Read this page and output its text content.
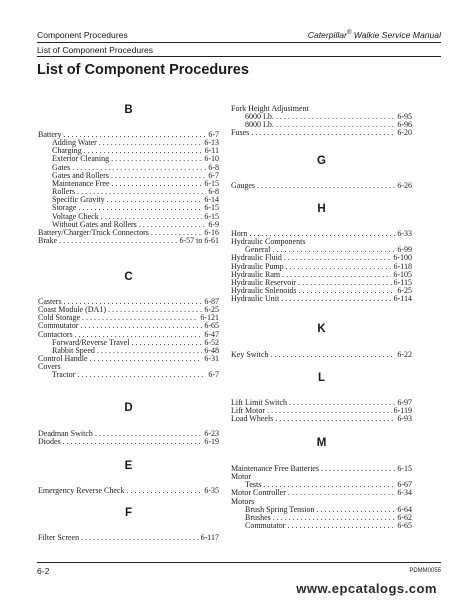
Component Procedures	Caterpillar® Walkie Service Manual
List of Component Procedures
List of Component Procedures
B
Battery . . .	6-7
Adding Water . . .	6-13
Charging . . .	6-11
Exterior Cleaning . . .	6-10
Gates . . .	6-8
Gates and Rollers . . .	6-7
Maintenance Free . . .	6-15
Rollers . . .	6-8
Specific Gravity . . .	6-14
Storage . . .	6-15
Voltage Check . . .	6-15
Without Gates and Rollers . . .	6-9
Battery/Charger/Truck Connectors . . .	6-16
Brake . . .	6-57 to 6-61
C
Casters . . .	6-87
Coast Module (DA1) . . .	6-25
Cold Storage . . .	6-121
Commutator . . .	6-65
Contactors . . .	6-47
Forward/Reverse Travel . . .	6-52
Rabbit Speed . . .	6-48
Control Handle . . .	6-31
Covers
Tractor . . .	6-7
D
Deadman Switch . . .	6-23
Diodes . . .	6-19
E
Emergency Reverse Check . . .	6-35
F
Filter Screen . . .	6-117
Fork Height Adjustment
6000 Lb. . . .	6-95
8000 Lb. . . .	6-96
Fuses . . .	6-20
G
Gauges . . .	6-26
H
Horn . . .	6-33
Hydraulic Components
General . . .	6-99
Hydraulic Fluid . . .	6-100
Hydraulic Pump . . .	6-118
Hydraulic Ram . . .	6-105
Hydraulic Reservoir . . .	6-115
Hydraulic Solenoids . . .	6-25
Hydraulic Unit . . .	6-114
K
Key Switch . . .	6-22
L
Lift Limit Switch . . .	6-97
Lift Motor . . .	6-119
Load Wheels . . .	6-93
M
Maintenance Free Batteries . . .	6-15
Motor
Tests . . .	6-67
Motor Controller . . .	6-34
Motors
Brush Spring Tension . . .	6-64
Brushes . . .	6-62
Commutator . . .	6-65
6-2	PDMM0055
www.epcatalogs.com
